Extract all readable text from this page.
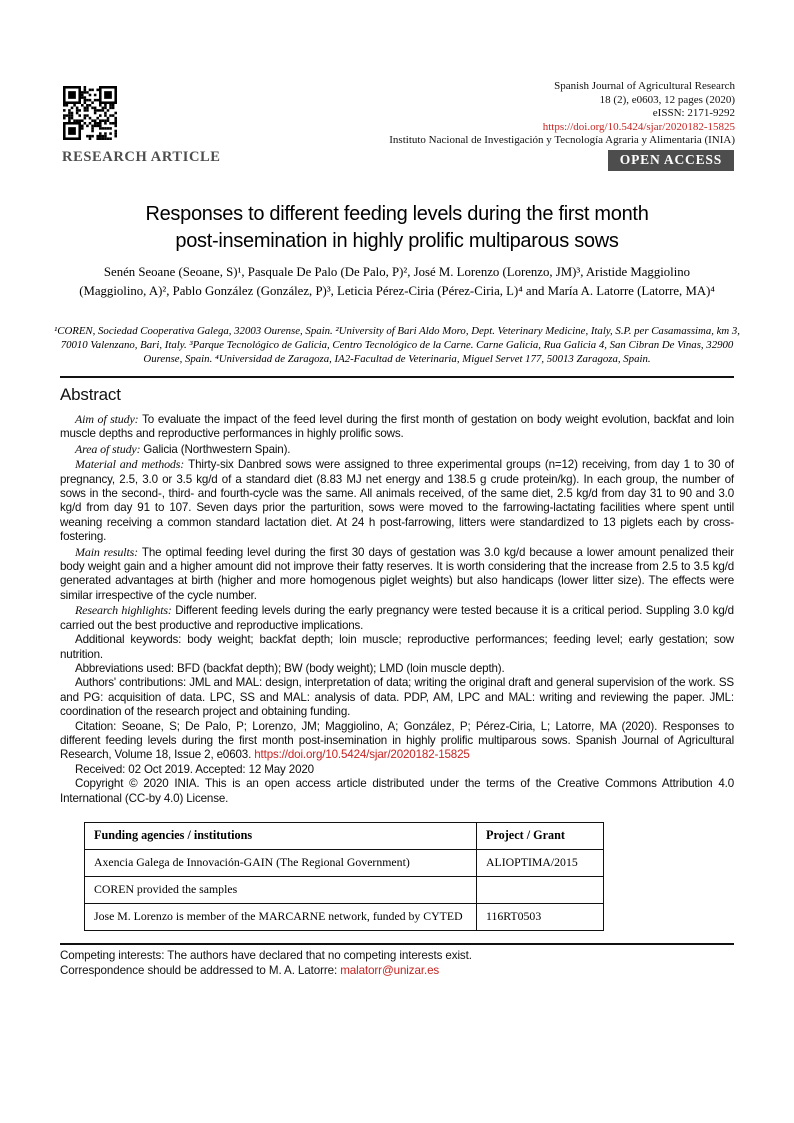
Spanish Journal of Agricultural Research
18 (2), e0603, 12 pages (2020)
eISSN: 2171-9292
https://doi.org/10.5424/sjar/2020182-15825
Instituto Nacional de Investigación y Tecnología Agraria y Alimentaria (INIA)
RESEARCH ARTICLE	OPEN ACCESS
Responses to different feeding levels during the first month
post-insemination in highly prolific multiparous sows
Senén Seoane (Seoane, S)¹, Pasquale De Palo (De Palo, P)², José M. Lorenzo (Lorenzo, JM)³, Aristide Maggiolino (Maggiolino, A)², Pablo González (González, P)³, Leticia Pérez-Ciria (Pérez-Ciria, L)⁴ and María A. Latorre (Latorre, MA)⁴
¹COREN, Sociedad Cooperativa Galega, 32003 Ourense, Spain. ²University of Bari Aldo Moro, Dept. Veterinary Medicine, Italy, S.P. per Casamassima, km 3, 70010 Valenzano, Bari, Italy. ³Parque Tecnológico de Galicia, Centro Tecnológico de la Carne. Carne Galicia, Rua Galicia 4, San Cibran De Vinas, 32900 Ourense, Spain. ⁴Universidad de Zaragoza, IA2-Facultad de Veterinaria, Miguel Servet 177, 50013 Zaragoza, Spain.
Abstract

Aim of study: To evaluate the impact of the feed level during the first month of gestation on body weight evolution, backfat and loin muscle depths and reproductive performances in highly prolific sows.

Area of study: Galicia (Northwestern Spain).

Material and methods: Thirty-six Danbred sows were assigned to three experimental groups (n=12) receiving, from day 1 to 30 of pregnancy, 2.5, 3.0 or 3.5 kg/d of a standard diet (8.83 MJ net energy and 138.5 g crude protein/kg). In each group, the number of sows in the second-, third- and fourth-cycle was the same. All animals received, of the same diet, 2.5 kg/d from day 31 to 90 and 3.0 kg/d from day 91 to 107. Seven days prior the parturition, sows were moved to the farrowing-lactating facilities where spent until weaning receiving a common standard lactation diet. At 24 h post-farrowing, litters were standardized to 13 piglets each by cross-fostering.

Main results: The optimal feeding level during the first 30 days of gestation was 3.0 kg/d because a lower amount penalized their body weight gain and a higher amount did not improve their fatty reserves. It is worth considering that the increase from 2.5 to 3.5 kg/d generated advantages at birth (higher and more homogenous piglet weights) but also handicaps (lower litter size). The effects were similar irrespective of the cycle number.

Research highlights: Different feeding levels during the early pregnancy were tested because it is a critical period. Suppling 3.0 kg/d carried out the best productive and reproductive implications.

Additional keywords: body weight; backfat depth; loin muscle; reproductive performances; feeding level; early gestation; sow nutrition.

Abbreviations used: BFD (backfat depth); BW (body weight); LMD (loin muscle depth).

Authors' contributions: JML and MAL: design, interpretation of data; writing the original draft and general supervision of the work. SS and PG: acquisition of data. LPC, SS and MAL: analysis of data. PDP, AM, LPC and MAL: writing and reviewing the paper. JML: coordination of the research project and obtaining funding.

Citation: Seoane, S; De Palo, P; Lorenzo, JM; Maggiolino, A; González, P; Pérez-Ciria, L; Latorre, MA (2020). Responses to different feeding levels during the first month post-insemination in highly prolific multiparous sows. Spanish Journal of Agricultural Research, Volume 18, Issue 2, e0603. https://doi.org/10.5424/sjar/2020182-15825

Received: 02 Oct 2019. Accepted: 12 May 2020

Copyright © 2020 INIA. This is an open access article distributed under the terms of the Creative Commons Attribution 4.0 International (CC-by 4.0) License.

Funding agencies / institutions	Project / Grant
Axencia Galega de Innovación-GAIN (The Regional Government)	ALIOPTIMA/2015
COREN provided the samples	
Jose M. Lorenzo is member of the MARCARNE network, funded by CYTED	116RT0503
Competing interests: The authors have declared that no competing interests exist.
Correspondence should be addressed to M. A. Latorre: malatorr@unizar.es
